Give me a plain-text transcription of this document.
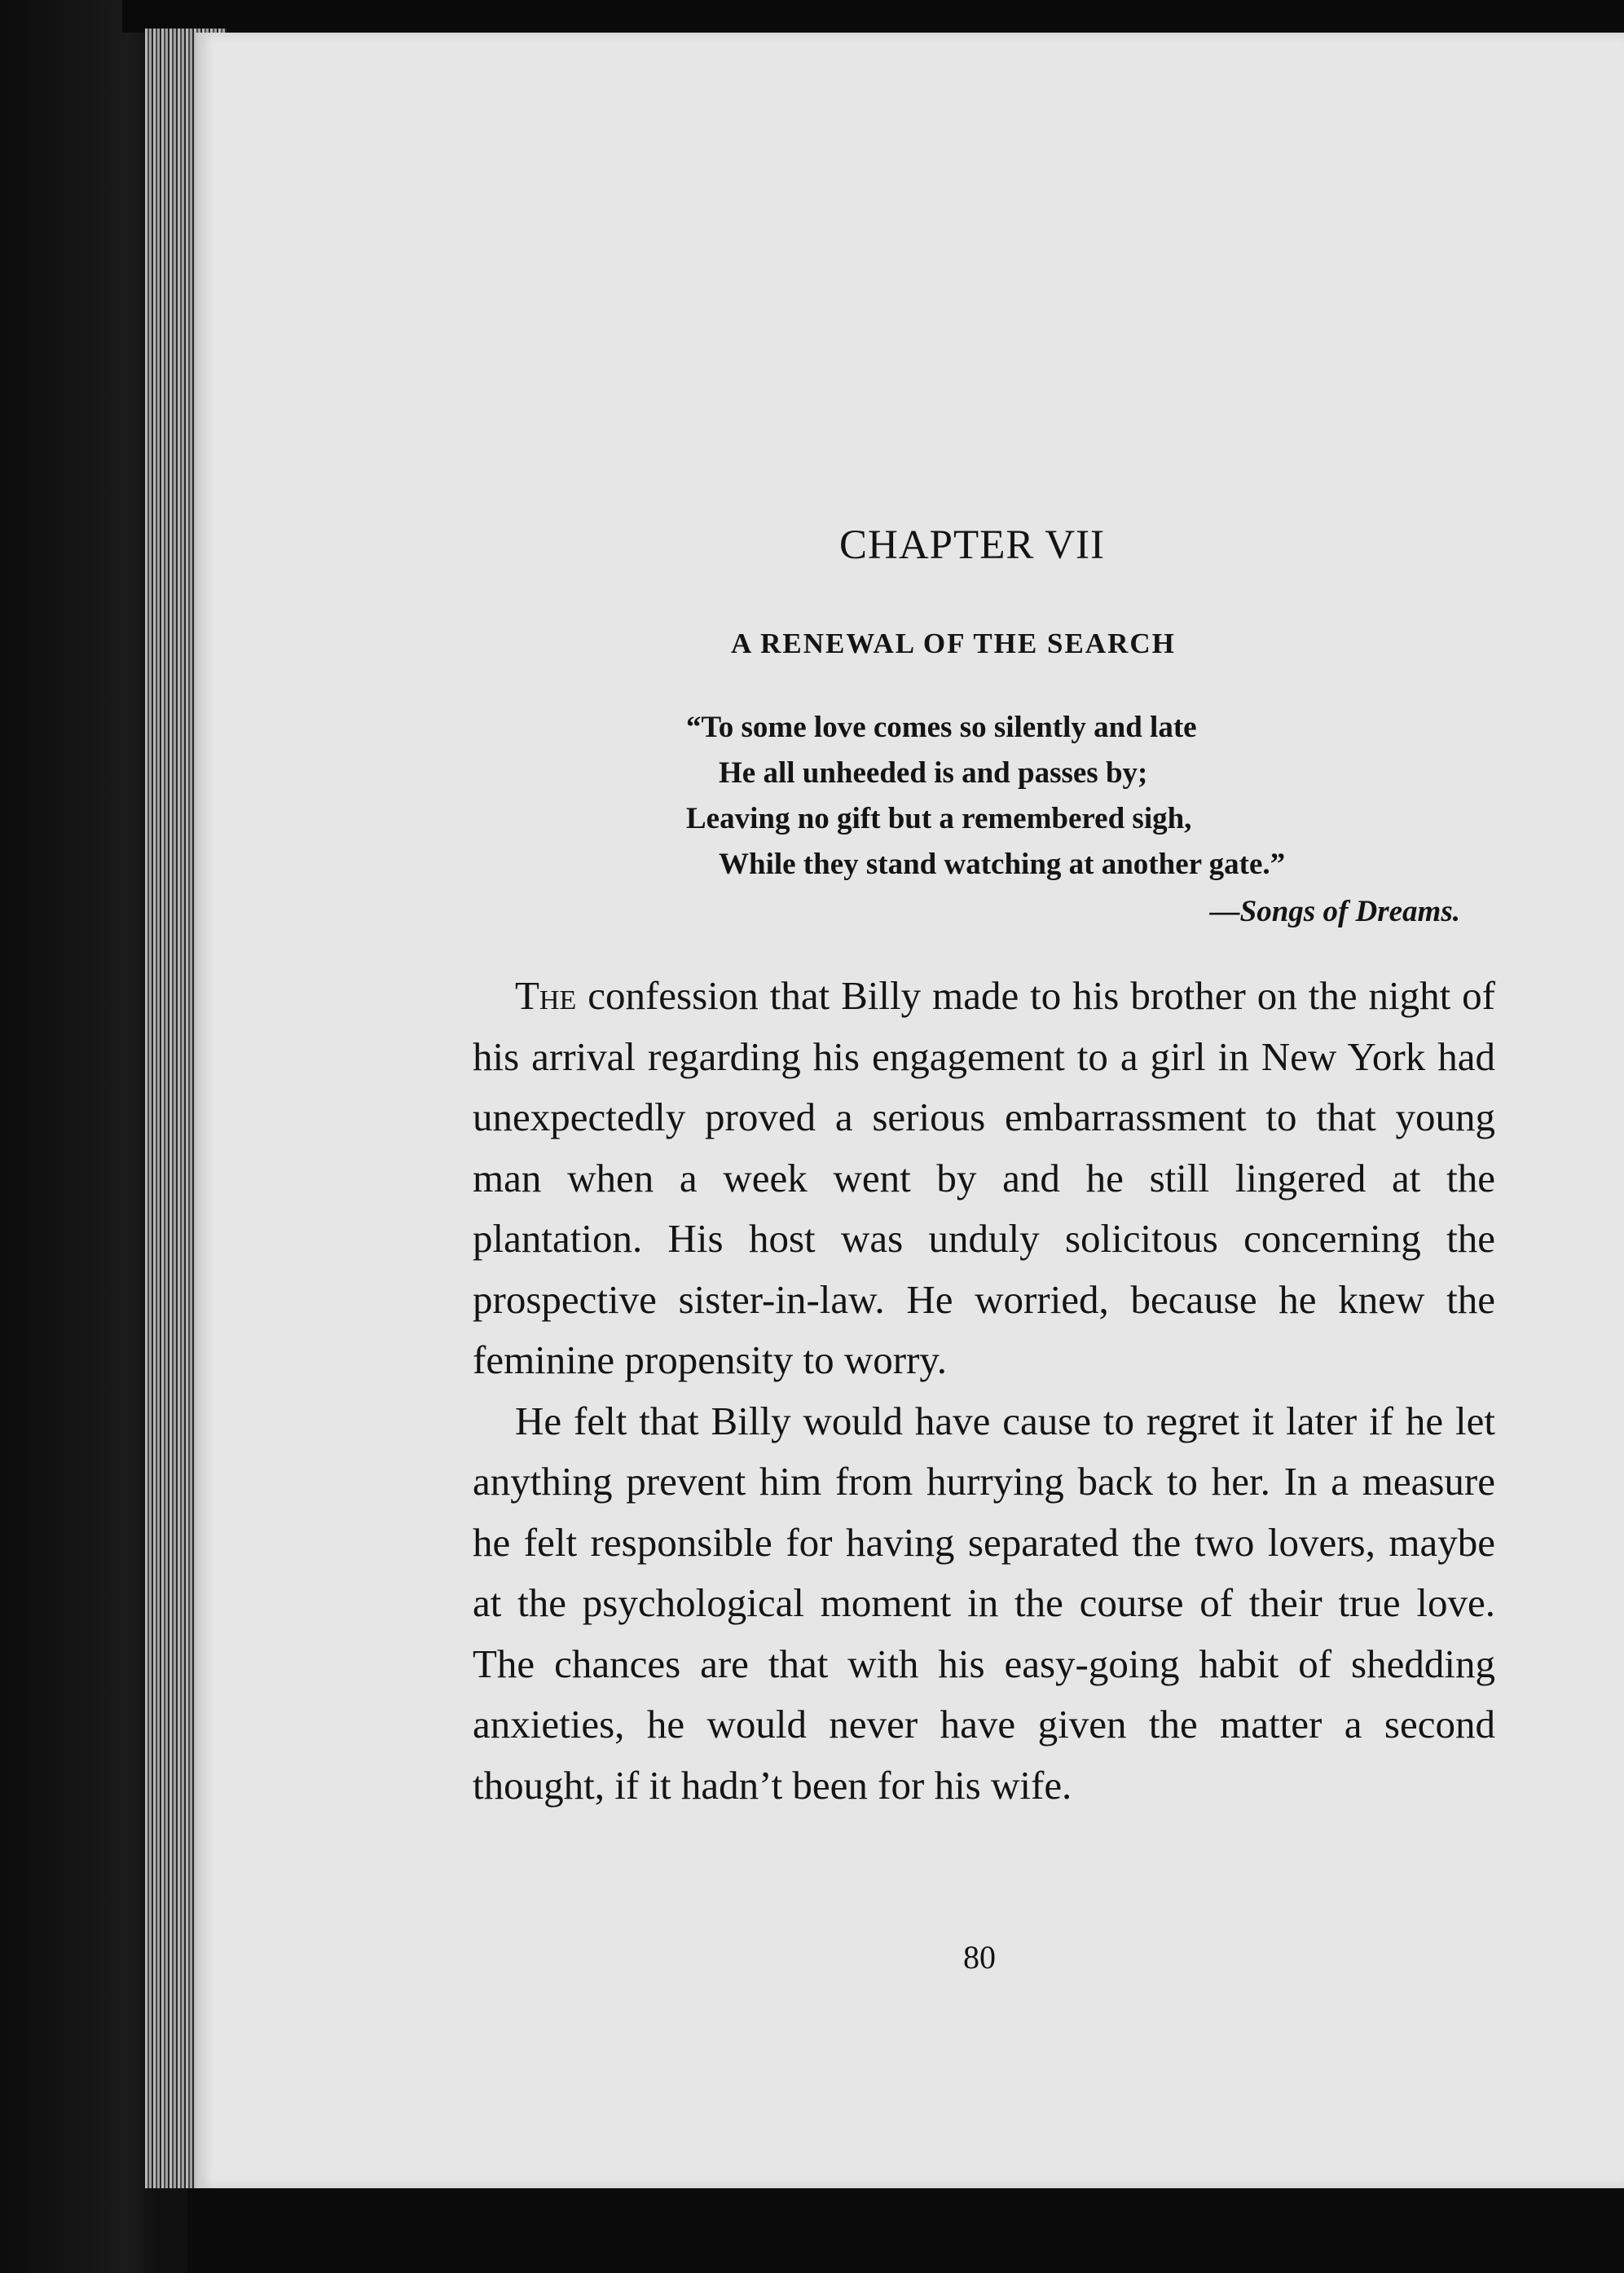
CHAPTER VII
A RENEWAL OF THE SEARCH
“To some love comes so silently and late
He all unheeded is and passes by;
Leaving no gift but a remembered sigh,
While they stand watching at another gate.”
—Songs of Dreams.

The confession that Billy made to his brother on the night of his arrival regarding his engagement to a girl in New York had unexpectedly proved a serious embarrassment to that young man when a week went by and he still lingered at the plantation. His host was unduly solicitous concerning the prospective sister-in-law. He worried, because he knew the feminine propensity to worry.

He felt that Billy would have cause to regret it later if he let anything prevent him from hurrying back to her. In a measure he felt responsible for having separated the two lovers, maybe at the psychological moment in the course of their true love. The chances are that with his easy-going habit of shedding anxieties, he would never have given the matter a second thought, if it hadn’t been for his wife.

80
